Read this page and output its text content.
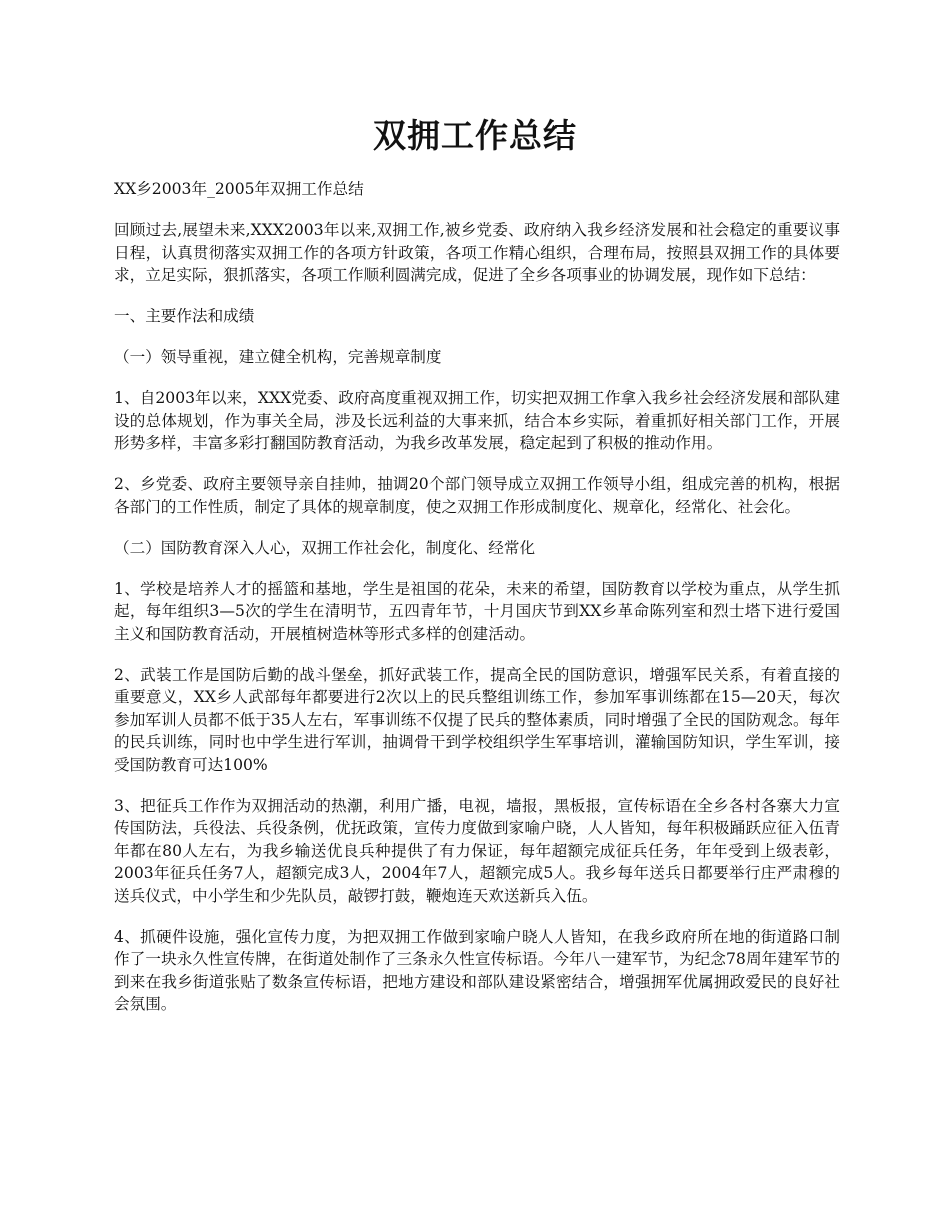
双拥工作总结

XX乡2003年_2005年双拥工作总结

回顾过去,展望未来,XXX2003年以来,双拥工作,被乡党委、政府纳入我乡经济发展和社会稳定的重要议事日程，认真贯彻落实双拥工作的各项方针政策，各项工作精心组织，合理布局，按照县双拥工作的具体要求，立足实际，狠抓落实，各项工作顺利圆满完成，促进了全乡各项事业的协调发展，现作如下总结：

一、主要作法和成绩

（一）领导重视，建立健全机构，完善规章制度

1、自2003年以来，XXX党委、政府高度重视双拥工作，切实把双拥工作拿入我乡社会经济发展和部队建设的总体规划，作为事关全局，涉及长远利益的大事来抓，结合本乡实际，着重抓好相关部门工作，开展形势多样，丰富多彩打翻国防教育活动，为我乡改革发展，稳定起到了积极的推动作用。

2、乡党委、政府主要领导亲自挂帅，抽调20个部门领导成立双拥工作领导小组，组成完善的机构，根据各部门的工作性质，制定了具体的规章制度，使之双拥工作形成制度化、规章化，经常化、社会化。

（二）国防教育深入人心，双拥工作社会化，制度化、经常化

1、学校是培养人才的摇篮和基地，学生是祖国的花朵，未来的希望，国防教育以学校为重点，从学生抓起，每年组织3—5次的学生在清明节，五四青年节，十月国庆节到XX乡革命陈列室和烈士塔下进行爱国主义和国防教育活动，开展植树造林等形式多样的创建活动。

2、武装工作是国防后勤的战斗堡垒，抓好武装工作，提高全民的国防意识，增强军民关系，有着直接的重要意义，XX乡人武部每年都要进行2次以上的民兵整组训练工作，参加军事训练都在15—20天，每次参加军训人员都不低于35人左右，军事训练不仅提了民兵的整体素质，同时增强了全民的国防观念。每年的民兵训练，同时也中学生进行军训，抽调骨干到学校组织学生军事培训，灌输国防知识，学生军训，接受国防教育可达100%

3、把征兵工作作为双拥活动的热潮，利用广播，电视，墙报，黑板报，宣传标语在全乡各村各寨大力宣传国防法，兵役法、兵役条例，优抚政策，宣传力度做到家喻户晓，人人皆知，每年积极踊跃应征入伍青年都在80人左右，为我乡输送优良兵种提供了有力保证，每年超额完成征兵任务，年年受到上级表彰，2003年征兵任务7人，超额完成3人，2004年7人，超额完成5人。我乡每年送兵日都要举行庄严肃穆的送兵仪式，中小学生和少先队员，敲锣打鼓，鞭炮连天欢送新兵入伍。

4、抓硬件设施，强化宣传力度，为把双拥工作做到家喻户晓人人皆知，在我乡政府所在地的街道路口制作了一块永久性宣传牌，在街道处制作了三条永久性宣传标语。今年八一建军节，为纪念78周年建军节的到来在我乡街道张贴了数条宣传标语，把地方建设和部队建设紧密结合，增强拥军优属拥政爱民的良好社会氛围。
